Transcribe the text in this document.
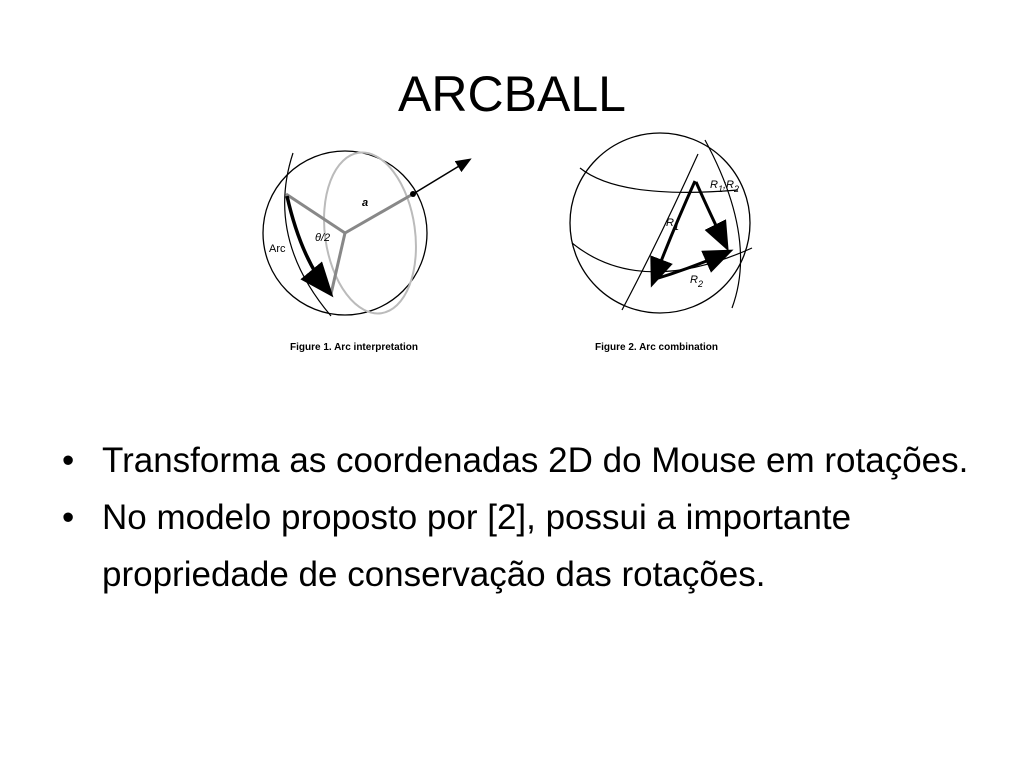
ARCBALL
Arc
θ/2
a
Figure 1. Arc interpretation
$R_1$
$R_2$
$R_1;R_2$
Figure 2. Arc combination
• Transforma as coordenadas 2D do Mouse em rotações.
• No modelo proposto por [2], possui a importante propriedade de conservação das rotações.
